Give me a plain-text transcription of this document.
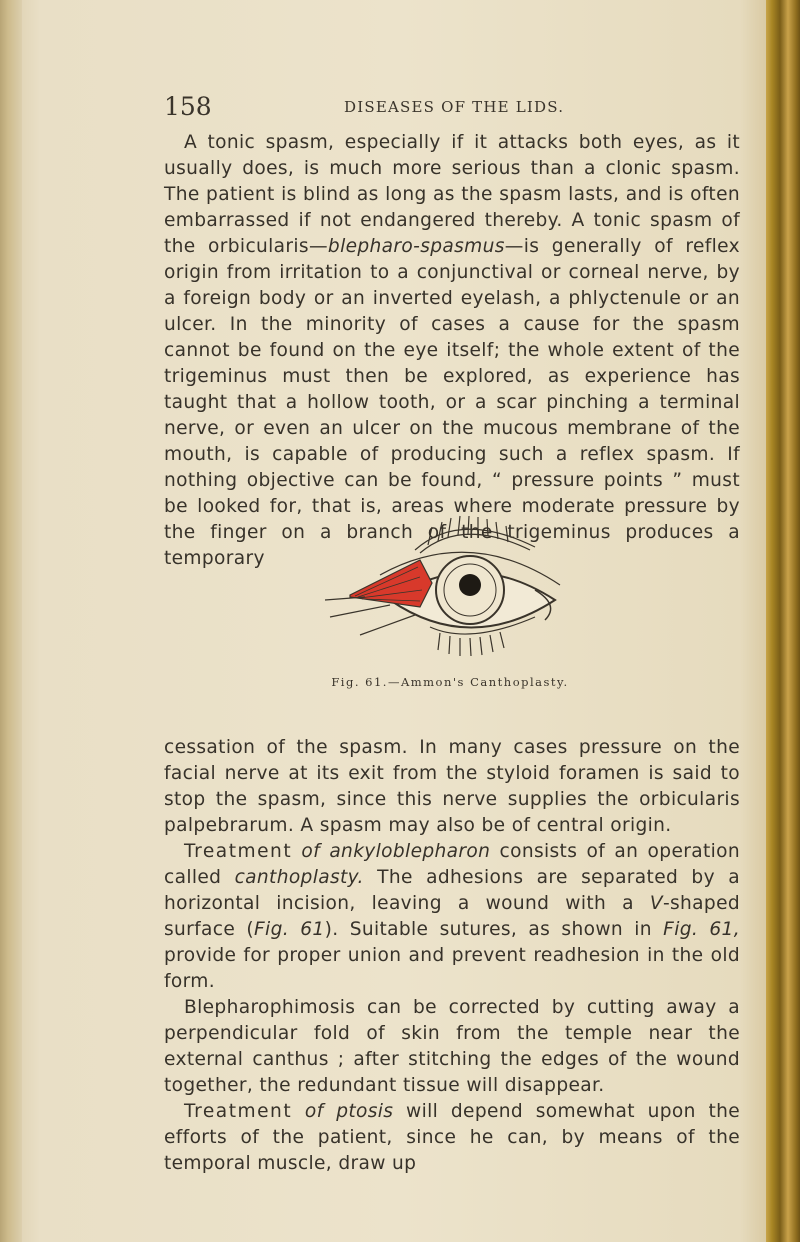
158	DISEASES OF THE LIDS.

A tonic spasm, especially if it attacks both eyes, as it usually does, is much more serious than a clonic spasm. The patient is blind as long as the spasm lasts, and is often embarrassed if not endangered thereby. A tonic spasm of the orbicularis—blepharo-spasmus—is generally of reflex origin from irritation to a conjunctival or corneal nerve, by a foreign body or an inverted eyelash, a phlyctenule or an ulcer. In the minority of cases a cause for the spasm cannot be found on the eye itself; the whole extent of the trigeminus must then be explored, as experience has taught that a hollow tooth, or a scar pinching a terminal nerve, or even an ulcer on the mucous membrane of the mouth, is capable of producing such a reflex spasm. If nothing objective can be found, “ pressure points ” must be looked for, that is, areas where moderate pressure by the finger on a branch of the trigeminus produces a temporary

Fig. 61.—Ammon's Canthoplasty.

cessation of the spasm. In many cases pressure on the facial nerve at its exit from the styloid foramen is said to stop the spasm, since this nerve supplies the orbicularis palpebrarum. A spasm may also be of central origin.

Treatment of ankyloblepharon consists of an operation called canthoplasty. The adhesions are separated by a horizontal incision, leaving a wound with a V-shaped surface (Fig. 61). Suitable sutures, as shown in Fig. 61, provide for proper union and prevent readhesion in the old form.

Blepharophimosis can be corrected by cutting away a perpendicular fold of skin from the temple near the external canthus ; after stitching the edges of the wound together, the redundant tissue will disappear.

Treatment of ptosis will depend somewhat upon the efforts of the patient, since he can, by means of the temporal muscle, draw up
